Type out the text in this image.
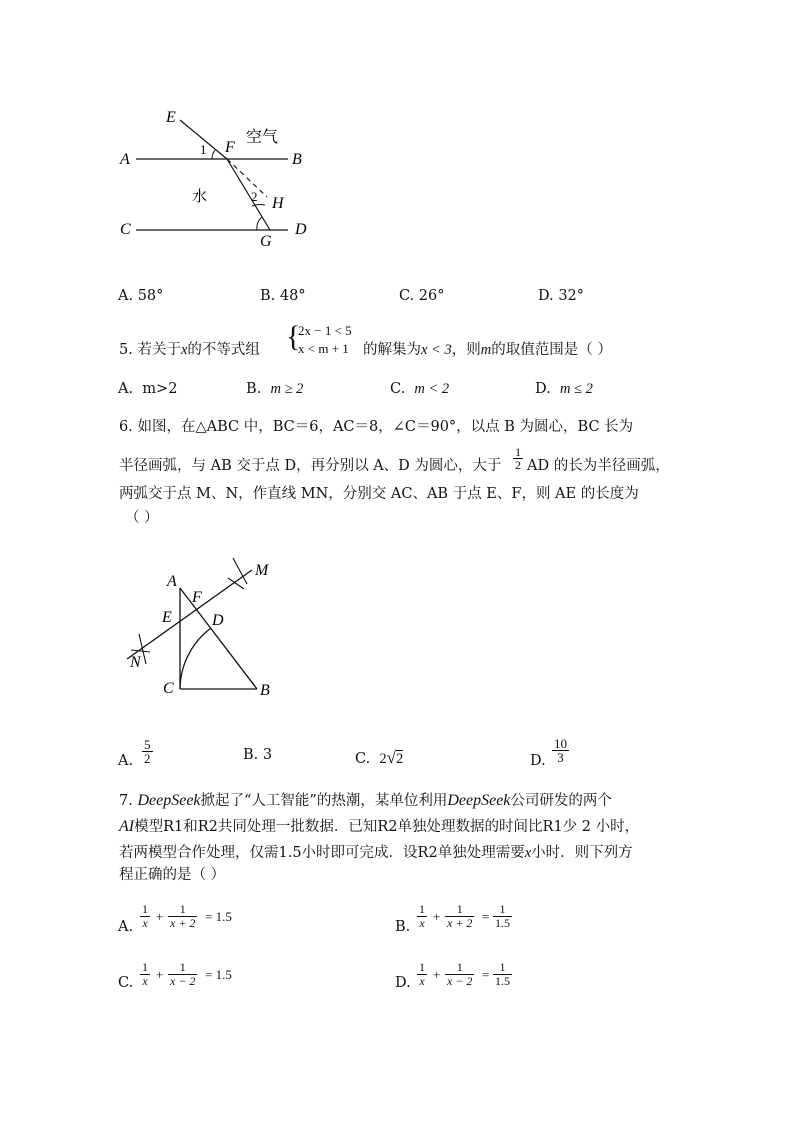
E
A
1 F
空气
B
水	2 H
C
G
D
A. 58°	B. 48°	C. 26°	D. 32°
5. 若关于x的不等式组 {
2x − 1 < 5
x < m + 1 的解集为x < 3，则m的取值范围是（ ）
A. m>2	B. m ≥ 2	C. m < 2	D. m ≤ 2
6. 如图，在△ABC 中，BC＝6，AC＝8，∠C＝90°，以点 B 为圆心，BC 长为
半径画弧，与 AB 交于点 D，再分别以 A、D 为圆心，大于 $\frac{1}{2}$ AD 的长为半径画弧，
两弧交于点 M、N，作直线 MN，分别交 AC、AB 于点 E、F，则 AE 的长度为
（ ）
A
F
M
E	D
N
C	B
A. $\frac{5}{2}$	B. 3	C. 2√2	D. $\frac{10}{3}$
7. DeepSeek掀起了“人工智能”的热潮，某单位利用DeepSeek公司研发的两个
AI模型R1和R2共同处理一批数据．已知R2单独处理数据的时间比R1少 2 小时，
若两模型合作处理，仅需1.5小时即可完成．设R2单独处理需要x小时．则下列方
程正确的是（ ）
A. $\frac{1}{x} + \frac{1}{x + 2} = 1.5$
B. $\frac{1}{x} + \frac{1}{x + 2} = \frac{1}{1.5}$
C. $\frac{1}{x} + \frac{1}{x - 2} = 1.5$
D. $\frac{1}{x} + \frac{1}{x - 2} = \frac{1}{1.5}$
